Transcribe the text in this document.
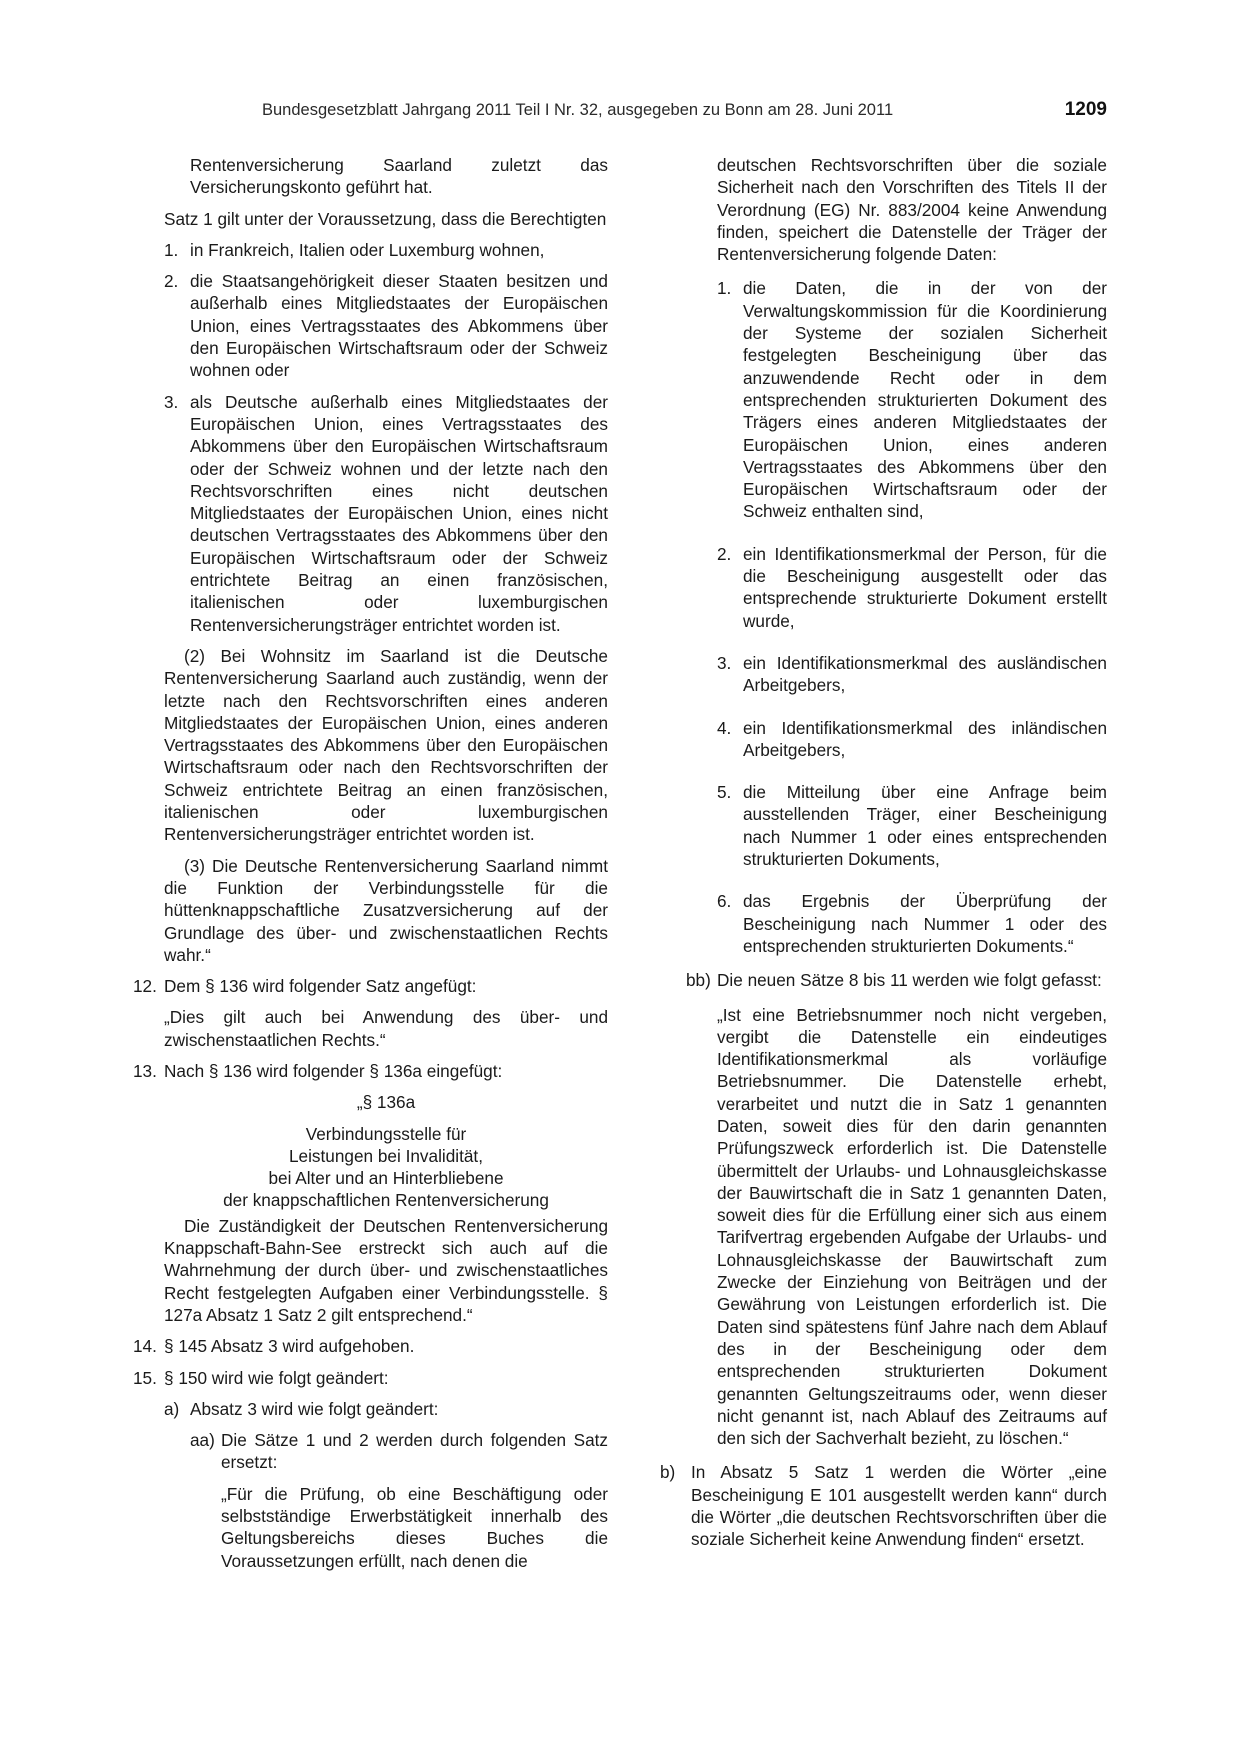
Bundesgesetzblatt Jahrgang 2011 Teil I Nr. 32, ausgegeben zu Bonn am 28. Juni 2011	1209

Rentenversicherung Saarland zuletzt das Versicherungskonto geführt hat.

Satz 1 gilt unter der Voraussetzung, dass die Berechtigten

1. in Frankreich, Italien oder Luxemburg wohnen,
2. die Staatsangehörigkeit dieser Staaten besitzen und außerhalb eines Mitgliedstaates der Europäischen Union, eines Vertragsstaates des Abkommens über den Europäischen Wirtschaftsraum oder der Schweiz wohnen oder
3. als Deutsche außerhalb eines Mitgliedstaates der Europäischen Union, eines Vertragsstaates des Abkommens über den Europäischen Wirtschaftsraum oder der Schweiz wohnen und der letzte nach den Rechtsvorschriften eines nicht deutschen Mitgliedstaates der Europäischen Union, eines nicht deutschen Vertragsstaates des Abkommens über den Europäischen Wirtschaftsraum oder der Schweiz entrichtete Beitrag an einen französischen, italienischen oder luxemburgischen Rentenversicherungsträger entrichtet worden ist.

(2) Bei Wohnsitz im Saarland ist die Deutsche Rentenversicherung Saarland auch zuständig, wenn der letzte nach den Rechtsvorschriften eines anderen Mitgliedstaates der Europäischen Union, eines anderen Vertragsstaates des Abkommens über den Europäischen Wirtschaftsraum oder nach den Rechtsvorschriften der Schweiz entrichtete Beitrag an einen französischen, italienischen oder luxemburgischen Rentenversicherungsträger entrichtet worden ist.

(3) Die Deutsche Rentenversicherung Saarland nimmt die Funktion der Verbindungsstelle für die hüttenknappschaftliche Zusatzversicherung auf der Grundlage des über- und zwischenstaatlichen Rechts wahr.“

12. Dem § 136 wird folgender Satz angefügt:

„Dies gilt auch bei Anwendung des über- und zwischenstaatlichen Rechts.“

13. Nach § 136 wird folgender § 136a eingefügt:

„§ 136a

Verbindungsstelle für

Leistungen bei Invalidität,

bei Alter und an Hinterbliebene

der knappschaftlichen Rentenversicherung

Die Zuständigkeit der Deutschen Rentenversicherung Knappschaft-Bahn-See erstreckt sich auch auf die Wahrnehmung der durch über- und zwischenstaatliches Recht festgelegten Aufgaben einer Verbindungsstelle. § 127a Absatz 1 Satz 2 gilt entsprechend.“

14. § 145 Absatz 3 wird aufgehoben.
15. § 150 wird wie folgt geändert:
a) Absatz 3 wird wie folgt geändert:
aa) Die Sätze 1 und 2 werden durch folgenden Satz ersetzt:

„Für die Prüfung, ob eine Beschäftigung oder selbstständige Erwerbstätigkeit innerhalb des Geltungsbereichs dieses Buches die Voraussetzungen erfüllt, nach denen die

deutschen Rechtsvorschriften über die soziale Sicherheit nach den Vorschriften des Titels II der Verordnung (EG) Nr. 883/2004 keine Anwendung finden, speichert die Datenstelle der Träger der Rentenversicherung folgende Daten:

1. die Daten, die in der von der Verwaltungskommission für die Koordinierung der Systeme der sozialen Sicherheit festgelegten Bescheinigung über das anzuwendende Recht oder in dem entsprechenden strukturierten Dokument des Trägers eines anderen Mitgliedstaates der Europäischen Union, eines anderen Vertragsstaates des Abkommens über den Europäischen Wirtschaftsraum oder der Schweiz enthalten sind,
2. ein Identifikationsmerkmal der Person, für die die Bescheinigung ausgestellt oder das entsprechende strukturierte Dokument erstellt wurde,
3. ein Identifikationsmerkmal des ausländischen Arbeitgebers,
4. ein Identifikationsmerkmal des inländischen Arbeitgebers,
5. die Mitteilung über eine Anfrage beim ausstellenden Träger, einer Bescheinigung nach Nummer 1 oder eines entsprechenden strukturierten Dokuments,
6. das Ergebnis der Überprüfung der Bescheinigung nach Nummer 1 oder des entsprechenden strukturierten Dokuments.“
bb) Die neuen Sätze 8 bis 11 werden wie folgt gefasst:

„Ist eine Betriebsnummer noch nicht vergeben, vergibt die Datenstelle ein eindeutiges Identifikationsmerkmal als vorläufige Betriebsnummer. Die Datenstelle erhebt, verarbeitet und nutzt die in Satz 1 genannten Daten, soweit dies für den darin genannten Prüfungszweck erforderlich ist. Die Datenstelle übermittelt der Urlaubs- und Lohnausgleichskasse der Bauwirtschaft die in Satz 1 genannten Daten, soweit dies für die Erfüllung einer sich aus einem Tarifvertrag ergebenden Aufgabe der Urlaubs- und Lohnausgleichskasse der Bauwirtschaft zum Zwecke der Einziehung von Beiträgen und der Gewährung von Leistungen erforderlich ist. Die Daten sind spätestens fünf Jahre nach dem Ablauf des in der Bescheinigung oder dem entsprechenden strukturierten Dokument genannten Geltungszeitraums oder, wenn dieser nicht genannt ist, nach Ablauf des Zeitraums auf den sich der Sachverhalt bezieht, zu löschen.“

b) In Absatz 5 Satz 1 werden die Wörter „eine Bescheinigung E 101 ausgestellt werden kann“ durch die Wörter „die deutschen Rechtsvorschriften über die soziale Sicherheit keine Anwendung finden“ ersetzt.
